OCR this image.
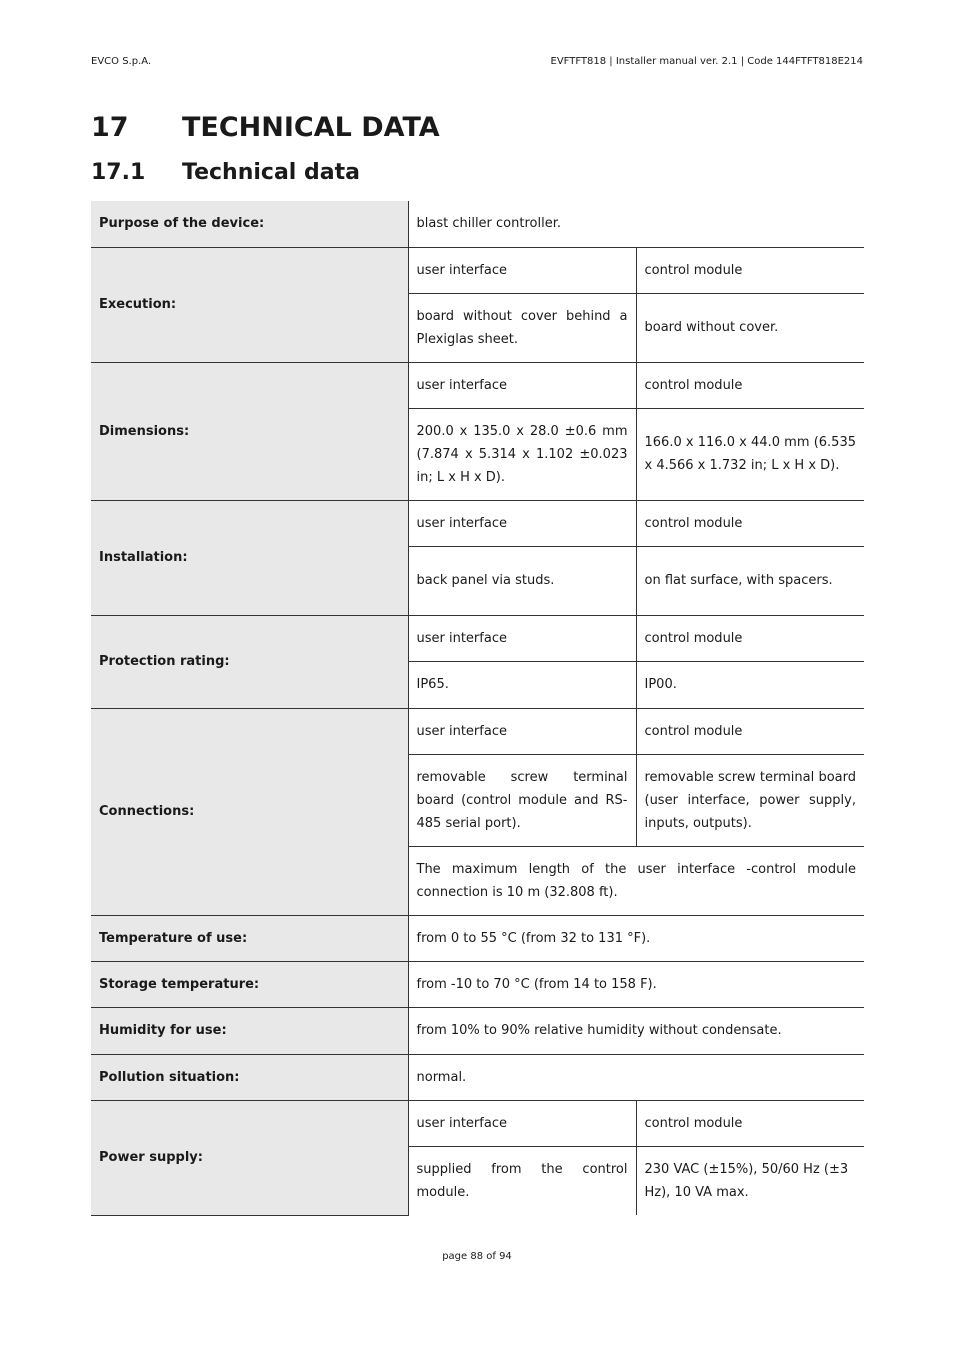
EVCO S.p.A.	EVFTFT818 | Installer manual ver. 2.1 | Code 144FTFT818E214
17 TECHNICAL DATA
17.1 Technical data
Purpose of the device:	blast chiller controller.	
Execution:	user interface	control module
	board without cover behind a Plexiglas sheet.	board without cover.
Dimensions:	user interface	control module
	200.0 x 135.0 x 28.0 ±0.6 mm (7.874 x 5.314 x 1.102 ±0.023 in; L x H x D).	166.0 x 116.0 x 44.0 mm (6.535 x 4.566 x 1.732 in; L x H x D).
Installation:	user interface	control module
	back panel via studs.	on flat surface, with spacers.
Protection rating:	user interface	control module
	IP65.	IP00.
Connections:	user interface	control module
	removable screw terminal board (control module and RS-485 serial port).	removable screw terminal board (user interface, power supply, inputs, outputs).
	The maximum length of the user interface -control module connection is 10 m (32.808 ft).	
Temperature of use:	from 0 to 55 °C (from 32 to 131 °F).	
Storage temperature:	from -10 to 70 °C (from 14 to 158 F).	
Humidity for use:	from 10% to 90% relative humidity without condensate.	
Pollution situation:	normal.	
Power supply:	user interface	control module
	supplied from the control module.	230 VAC (±15%), 50/60 Hz (±3 Hz), 10 VA max.
page 88 of 94
